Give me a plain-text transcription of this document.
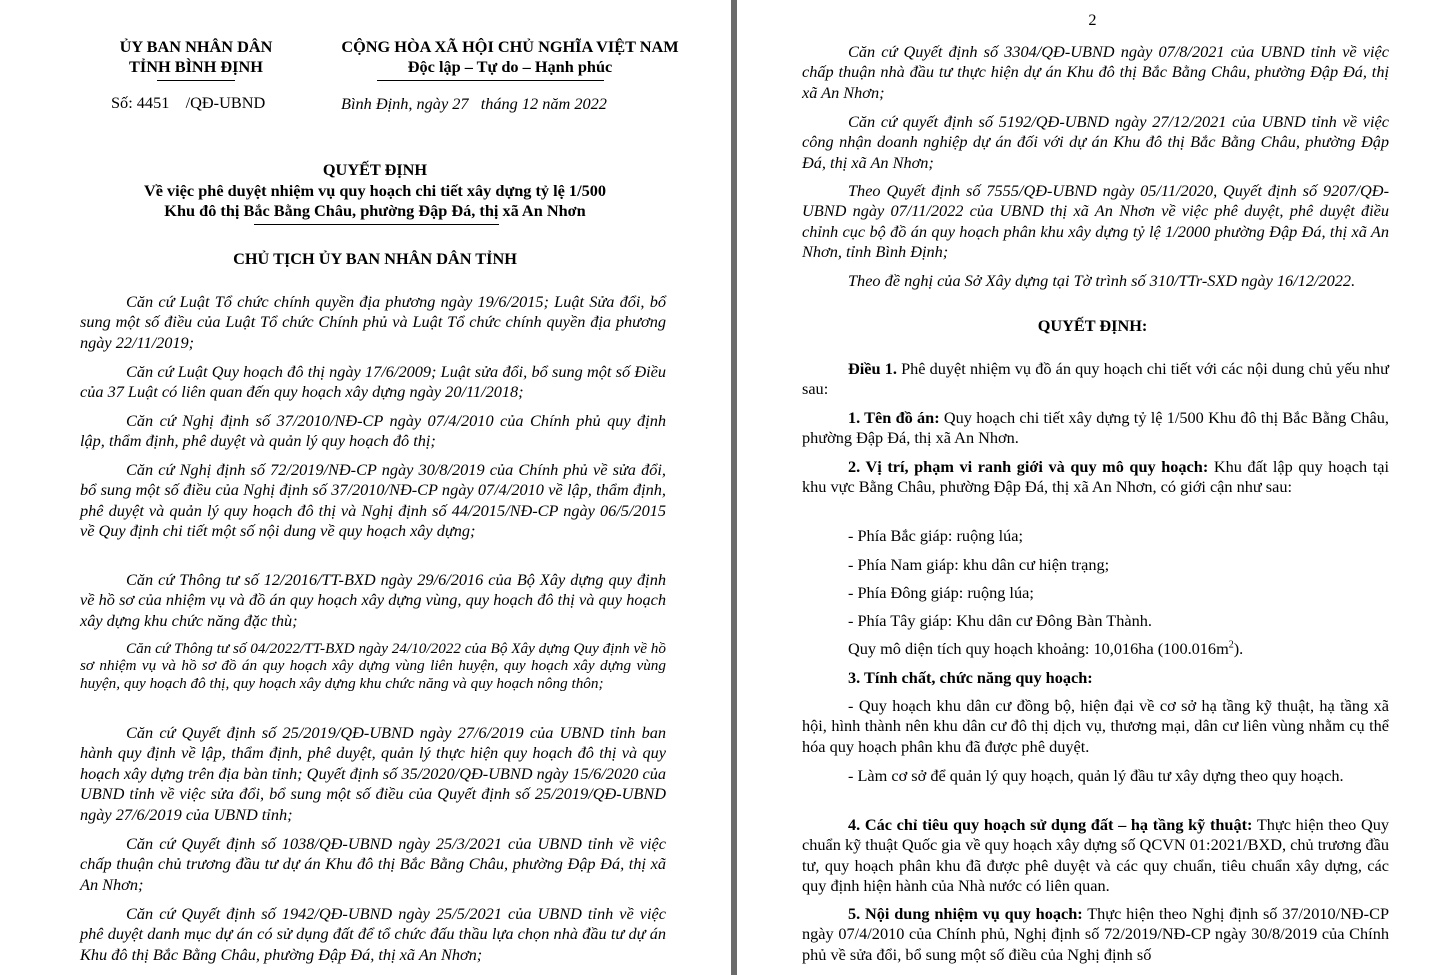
ỦY BAN NHÂN DÂN
TỈNH BÌNH ĐỊNH
Số: 4451    /QĐ-UBND
CỘNG HÒA XÃ HỘI CHỦ NGHĨA VIỆT NAM
Độc lập – Tự do – Hạnh phúc
Bình Định, ngày 27   tháng 12 năm 2022
QUYẾT ĐỊNH
Về việc phê duyệt nhiệm vụ quy hoạch chi tiết xây dựng tỷ lệ 1/500
Khu đô thị Bắc Bằng Châu, phường Đập Đá, thị xã An Nhơn
CHỦ TỊCH ỦY BAN NHÂN DÂN TỈNH
Căn cứ Luật Tổ chức chính quyền địa phương ngày 19/6/2015; Luật Sửa đổi, bổ sung một số điều của Luật Tổ chức Chính phủ và Luật Tổ chức chính quyền địa phương ngày 22/11/2019;
Căn cứ Luật Quy hoạch đô thị ngày 17/6/2009; Luật sửa đổi, bổ sung một số Điều của 37 Luật có liên quan đến quy hoạch xây dựng ngày 20/11/2018;
Căn cứ Nghị định số 37/2010/NĐ-CP ngày 07/4/2010 của Chính phủ quy định lập, thẩm định, phê duyệt và quản lý quy hoạch đô thị;
Căn cứ Nghị định số 72/2019/NĐ-CP ngày 30/8/2019 của Chính phủ về sửa đổi, bổ sung một số điều của Nghị định số 37/2010/NĐ-CP ngày 07/4/2010 về lập, thẩm định, phê duyệt và quản lý quy hoạch đô thị và Nghị định số 44/2015/NĐ-CP ngày 06/5/2015 về Quy định chi tiết một số nội dung về quy hoạch xây dựng;
Căn cứ Thông tư số 12/2016/TT-BXD ngày 29/6/2016 của Bộ Xây dựng quy định về hồ sơ của nhiệm vụ và đồ án quy hoạch xây dựng vùng, quy hoạch đô thị và quy hoạch xây dựng khu chức năng đặc thù;
Căn cứ Thông tư số 04/2022/TT-BXD ngày 24/10/2022 của Bộ Xây dựng Quy định về hồ sơ nhiệm vụ và hồ sơ đồ án quy hoạch xây dựng vùng liên huyện, quy hoạch xây dựng vùng huyện, quy hoạch đô thị, quy hoạch xây dựng khu chức năng và quy hoạch nông thôn;
Căn cứ Quyết định số 25/2019/QĐ-UBND ngày 27/6/2019 của UBND tỉnh ban hành quy định về lập, thẩm định, phê duyệt, quản lý thực hiện quy hoạch đô thị và quy hoạch xây dựng trên địa bàn tỉnh; Quyết định số 35/2020/QĐ-UBND ngày 15/6/2020 của UBND tỉnh về việc sửa đổi, bổ sung một số điều của Quyết định số 25/2019/QĐ-UBND ngày 27/6/2019 của UBND tỉnh;
Căn cứ Quyết định số 1038/QĐ-UBND ngày 25/3/2021 của UBND tỉnh về việc chấp thuận chủ trương đầu tư dự án Khu đô thị Bắc Bằng Châu, phường Đập Đá, thị xã An Nhơn;
Căn cứ Quyết định số 1942/QĐ-UBND ngày 25/5/2021 của UBND tỉnh về việc phê duyệt danh mục dự án có sử dụng đất để tổ chức đấu thầu lựa chọn nhà đầu tư dự án Khu đô thị Bắc Bằng Châu, phường Đập Đá, thị xã An Nhơn;
2
Căn cứ Quyết định số 3304/QĐ-UBND ngày 07/8/2021 của UBND tỉnh về việc chấp thuận nhà đầu tư thực hiện dự án Khu đô thị Bắc Bằng Châu, phường Đập Đá, thị xã An Nhơn;
Căn cứ quyết định số 5192/QĐ-UBND ngày 27/12/2021 của UBND tỉnh về việc công nhận doanh nghiệp dự án đối với dự án Khu đô thị Bắc Bằng Châu, phường Đập Đá, thị xã An Nhơn;
Theo Quyết định số 7555/QĐ-UBND ngày 05/11/2020, Quyết định số 9207/QĐ-UBND ngày 07/11/2022 của UBND thị xã An Nhơn về việc phê duyệt, phê duyệt điều chỉnh cục bộ đồ án quy hoạch phân khu xây dựng tỷ lệ 1/2000 phường Đập Đá, thị xã An Nhơn, tỉnh Bình Định;
Theo đề nghị của Sở Xây dựng tại Tờ trình số 310/TTr-SXD ngày 16/12/2022.
QUYẾT ĐỊNH:
Điều 1. Phê duyệt nhiệm vụ đồ án quy hoạch chi tiết với các nội dung chủ yếu như sau:
1. Tên đồ án: Quy hoạch chi tiết xây dựng tỷ lệ 1/500 Khu đô thị Bắc Bằng Châu, phường Đập Đá, thị xã An Nhơn.
2. Vị trí, phạm vi ranh giới và quy mô quy hoạch: Khu đất lập quy hoạch tại khu vực Bằng Châu, phường Đập Đá, thị xã An Nhơn, có giới cận như sau:
- Phía Bắc giáp: ruộng lúa;
- Phía Nam giáp: khu dân cư hiện trạng;
- Phía Đông giáp: ruộng lúa;
- Phía Tây giáp: Khu dân cư Đông Bàn Thành.
Quy mô diện tích quy hoạch khoảng: 10,016ha $(100.016m^2)$.
3. Tính chất, chức năng quy hoạch:
- Quy hoạch khu dân cư đồng bộ, hiện đại về cơ sở hạ tầng kỹ thuật, hạ tầng xã hội, hình thành nên khu dân cư đô thị dịch vụ, thương mại, dân cư liên vùng nhằm cụ thể hóa quy hoạch phân khu đã được phê duyệt.
- Làm cơ sở để quản lý quy hoạch, quản lý đầu tư xây dựng theo quy hoạch.
4. Các chỉ tiêu quy hoạch sử dụng đất – hạ tầng kỹ thuật: Thực hiện theo Quy chuẩn kỹ thuật Quốc gia về quy hoạch xây dựng số QCVN 01:2021/BXD, chủ trương đầu tư, quy hoạch phân khu đã được phê duyệt và các quy chuẩn, tiêu chuẩn xây dựng, các quy định hiện hành của Nhà nước có liên quan.
5. Nội dung nhiệm vụ quy hoạch: Thực hiện theo Nghị định số 37/2010/NĐ-CP ngày 07/4/2010 của Chính phủ, Nghị định số 72/2019/NĐ-CP ngày 30/8/2019 của Chính phủ về sửa đổi, bổ sung một số điều của Nghị định số
